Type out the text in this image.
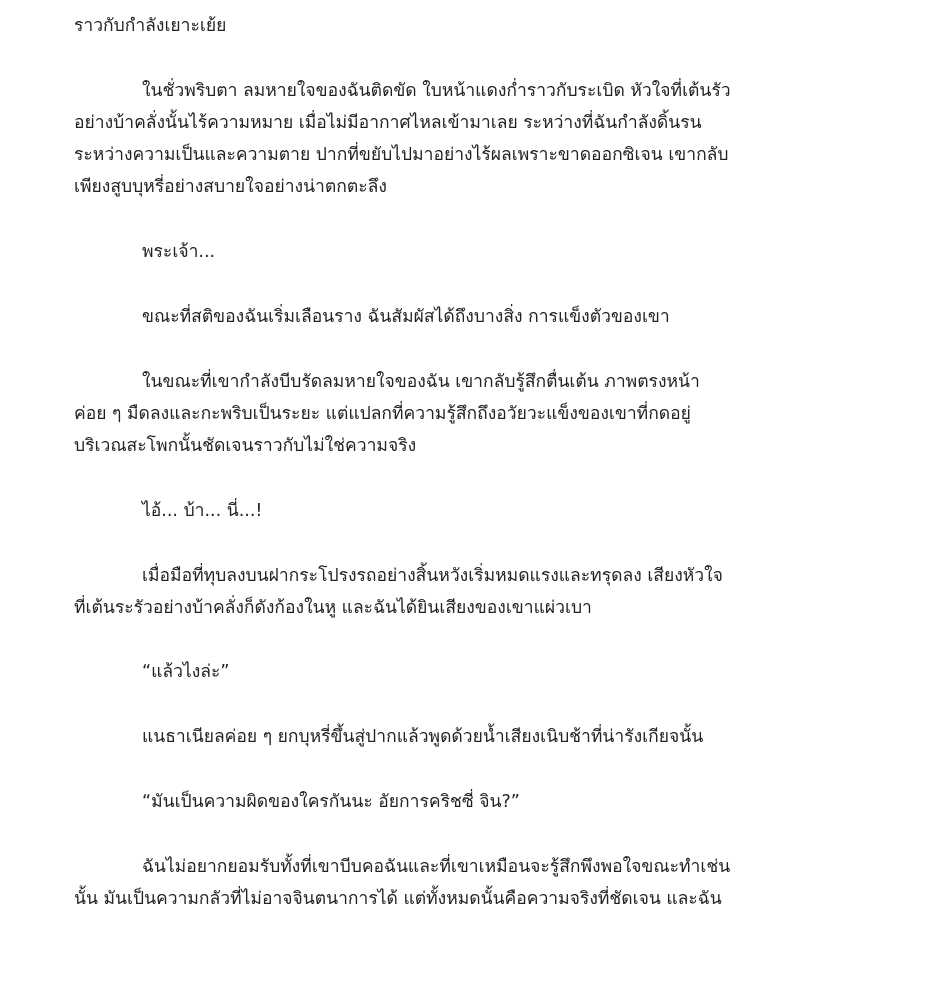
ราวกับกำลังเยาะเย้ย
ในชั่วพริบตา ลมหายใจของฉันติดขัด ใบหน้าแดงก่ำราวกับระเบิด หัวใจที่เต้นรัว
อย่างบ้าคลั่งนั้นไร้ความหมาย เมื่อไม่มีอากาศไหลเข้ามาเลย ระหว่างที่ฉันกำลังดิ้นรน
ระหว่างความเป็นและความตาย ปากที่ขยับไปมาอย่างไร้ผลเพราะขาดออกซิเจน เขากลับ
เพียงสูบบุหรี่อย่างสบายใจอย่างน่าตกตะลึง
พระเจ้า...
ขณะที่สติของฉันเริ่มเลือนราง ฉันสัมผัสได้ถึงบางสิ่ง การแข็งตัวของเขา
ในขณะที่เขากำลังบีบรัดลมหายใจของฉัน เขากลับรู้สึกตื่นเต้น ภาพตรงหน้า
ค่อย ๆ มืดลงและกะพริบเป็นระยะ แต่แปลกที่ความรู้สึกถึงอวัยวะแข็งของเขาที่กดอยู่
บริเวณสะโพกนั้นชัดเจนราวกับไม่ใช่ความจริง
ไอ้... บ้า... นี่...!
เมื่อมือที่ทุบลงบนฝากระโปรงรถอย่างสิ้นหวังเริ่มหมดแรงและทรุดลง เสียงหัวใจ
ที่เต้นระรัวอย่างบ้าคลั่งก็ดังก้องในหู และฉันได้ยินเสียงของเขาแผ่วเบา
“แล้วไงล่ะ”
แนธาเนียลค่อย ๆ ยกบุหรี่ขึ้นสู่ปากแล้วพูดด้วยน้ำเสียงเนิบช้าที่น่ารังเกียจนั้น
“มันเป็นความผิดของใครกันนะ อัยการคริชซี่ จิน?”
ฉันไม่อยากยอมรับทั้งที่เขาบีบคอฉันและที่เขาเหมือนจะรู้สึกพึงพอใจขณะทำเช่น
นั้น มันเป็นความกลัวที่ไม่อาจจินตนาการได้ แต่ทั้งหมดนั้นคือความจริงที่ชัดเจน และฉัน
